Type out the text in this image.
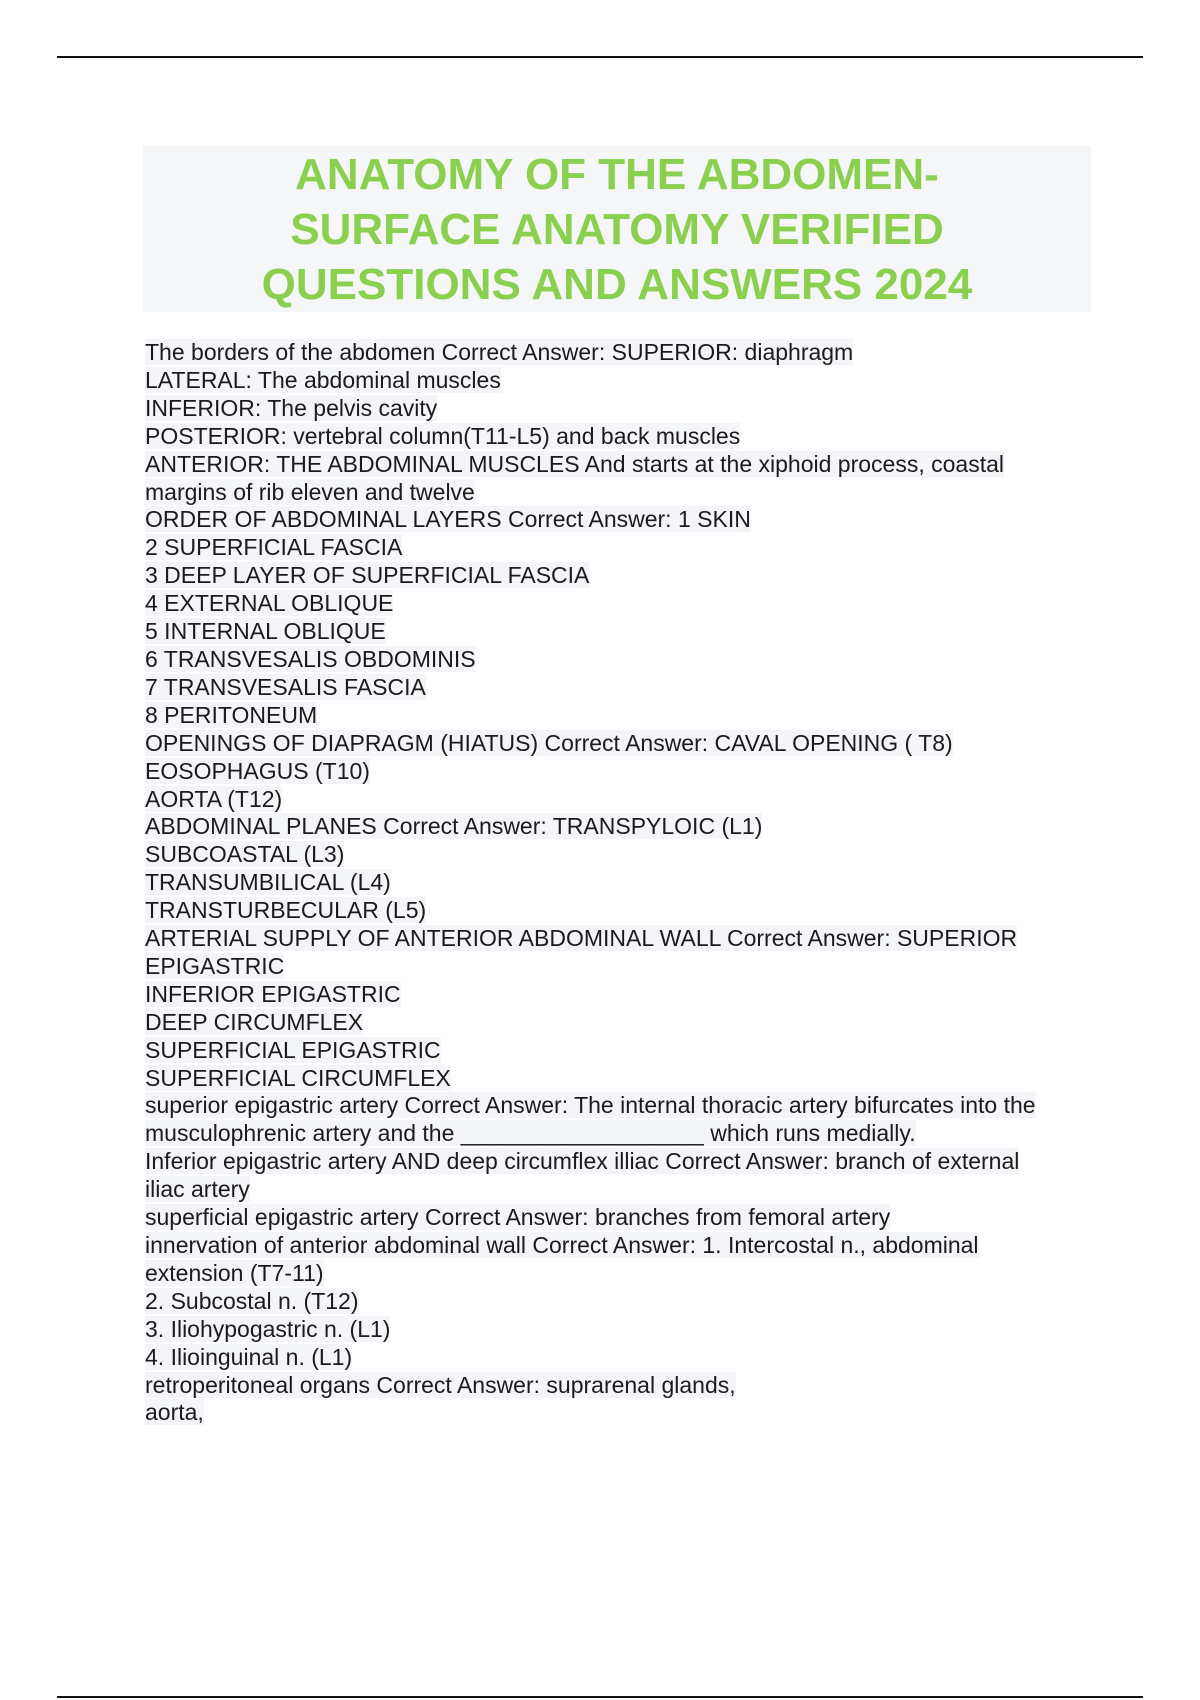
ANATOMY OF THE ABDOMEN-
SURFACE ANATOMY VERIFIED
QUESTIONS AND ANSWERS 2024
The borders of the abdomen Correct Answer: SUPERIOR: diaphragm
LATERAL: The abdominal muscles
INFERIOR: The pelvis cavity
POSTERIOR: vertebral column(T11-L5) and back muscles
ANTERIOR: THE ABDOMINAL MUSCLES And starts at the xiphoid process, coastal
margins of rib eleven and twelve
ORDER OF ABDOMINAL LAYERS Correct Answer: 1 SKIN
2 SUPERFICIAL FASCIA
3 DEEP LAYER OF SUPERFICIAL FASCIA
4 EXTERNAL OBLIQUE
5 INTERNAL OBLIQUE
6 TRANSVESALIS OBDOMINIS
7 TRANSVESALIS FASCIA
8 PERITONEUM
OPENINGS OF DIAPRAGM (HIATUS) Correct Answer: CAVAL OPENING ( T8)
EOSOPHAGUS (T10)
AORTA (T12)
ABDOMINAL PLANES Correct Answer: TRANSPYLOIC (L1)
SUBCOASTAL (L3)
TRANSUMBILICAL (L4)
TRANSTURBECULAR (L5)
ARTERIAL SUPPLY OF ANTERIOR ABDOMINAL WALL Correct Answer: SUPERIOR
EPIGASTRIC
INFERIOR EPIGASTRIC
DEEP CIRCUMFLEX
SUPERFICIAL EPIGASTRIC
SUPERFICIAL CIRCUMFLEX
superior epigastric artery Correct Answer: The internal thoracic artery bifurcates into the
musculophrenic artery and the ___________________ which runs medially.
Inferior epigastric artery AND deep circumflex illiac Correct Answer: branch of external
iliac artery
superficial epigastric artery Correct Answer: branches from femoral artery
innervation of anterior abdominal wall Correct Answer: 1. Intercostal n., abdominal
extension (T7-11)
2. Subcostal n. (T12)
3. Iliohypogastric n. (L1)
4. Ilioinguinal n. (L1)
retroperitoneal organs Correct Answer: suprarenal glands,
aorta,
